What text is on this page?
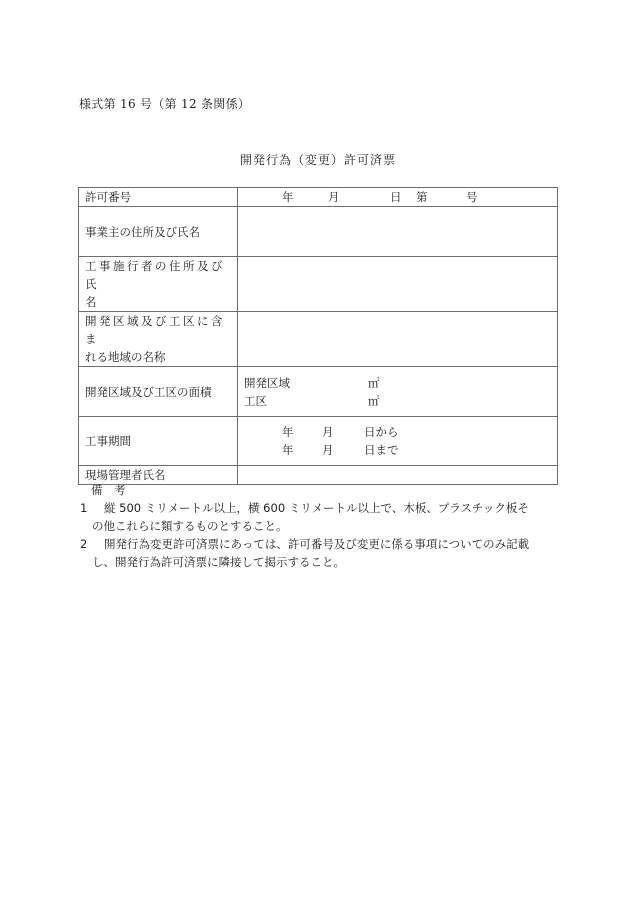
様式第 16 号（第 12 条関係）
開発行為（変更）許可済票
許可番号	年 月 日 第 号

事業主の住所及び氏名	

工事施行者の住所及び氏
名	

開発区域及び工区に含ま
れる地域の名称	

開発区域及び工区の面積	開発区域 ㎡
工区 ㎡

工事期間	
年	月	日から
年	月	日まで

現場管理者氏名	
備　考
1	縦 500 ミリメートル以上，横 600 ミリメートル以上で、木板、プラスチック板そ
の他これらに類するものとすること。
2	開発行為変更許可済票にあっては、許可番号及び変更に係る事項についてのみ記載
し、開発行為許可済票に隣接して掲示すること。
